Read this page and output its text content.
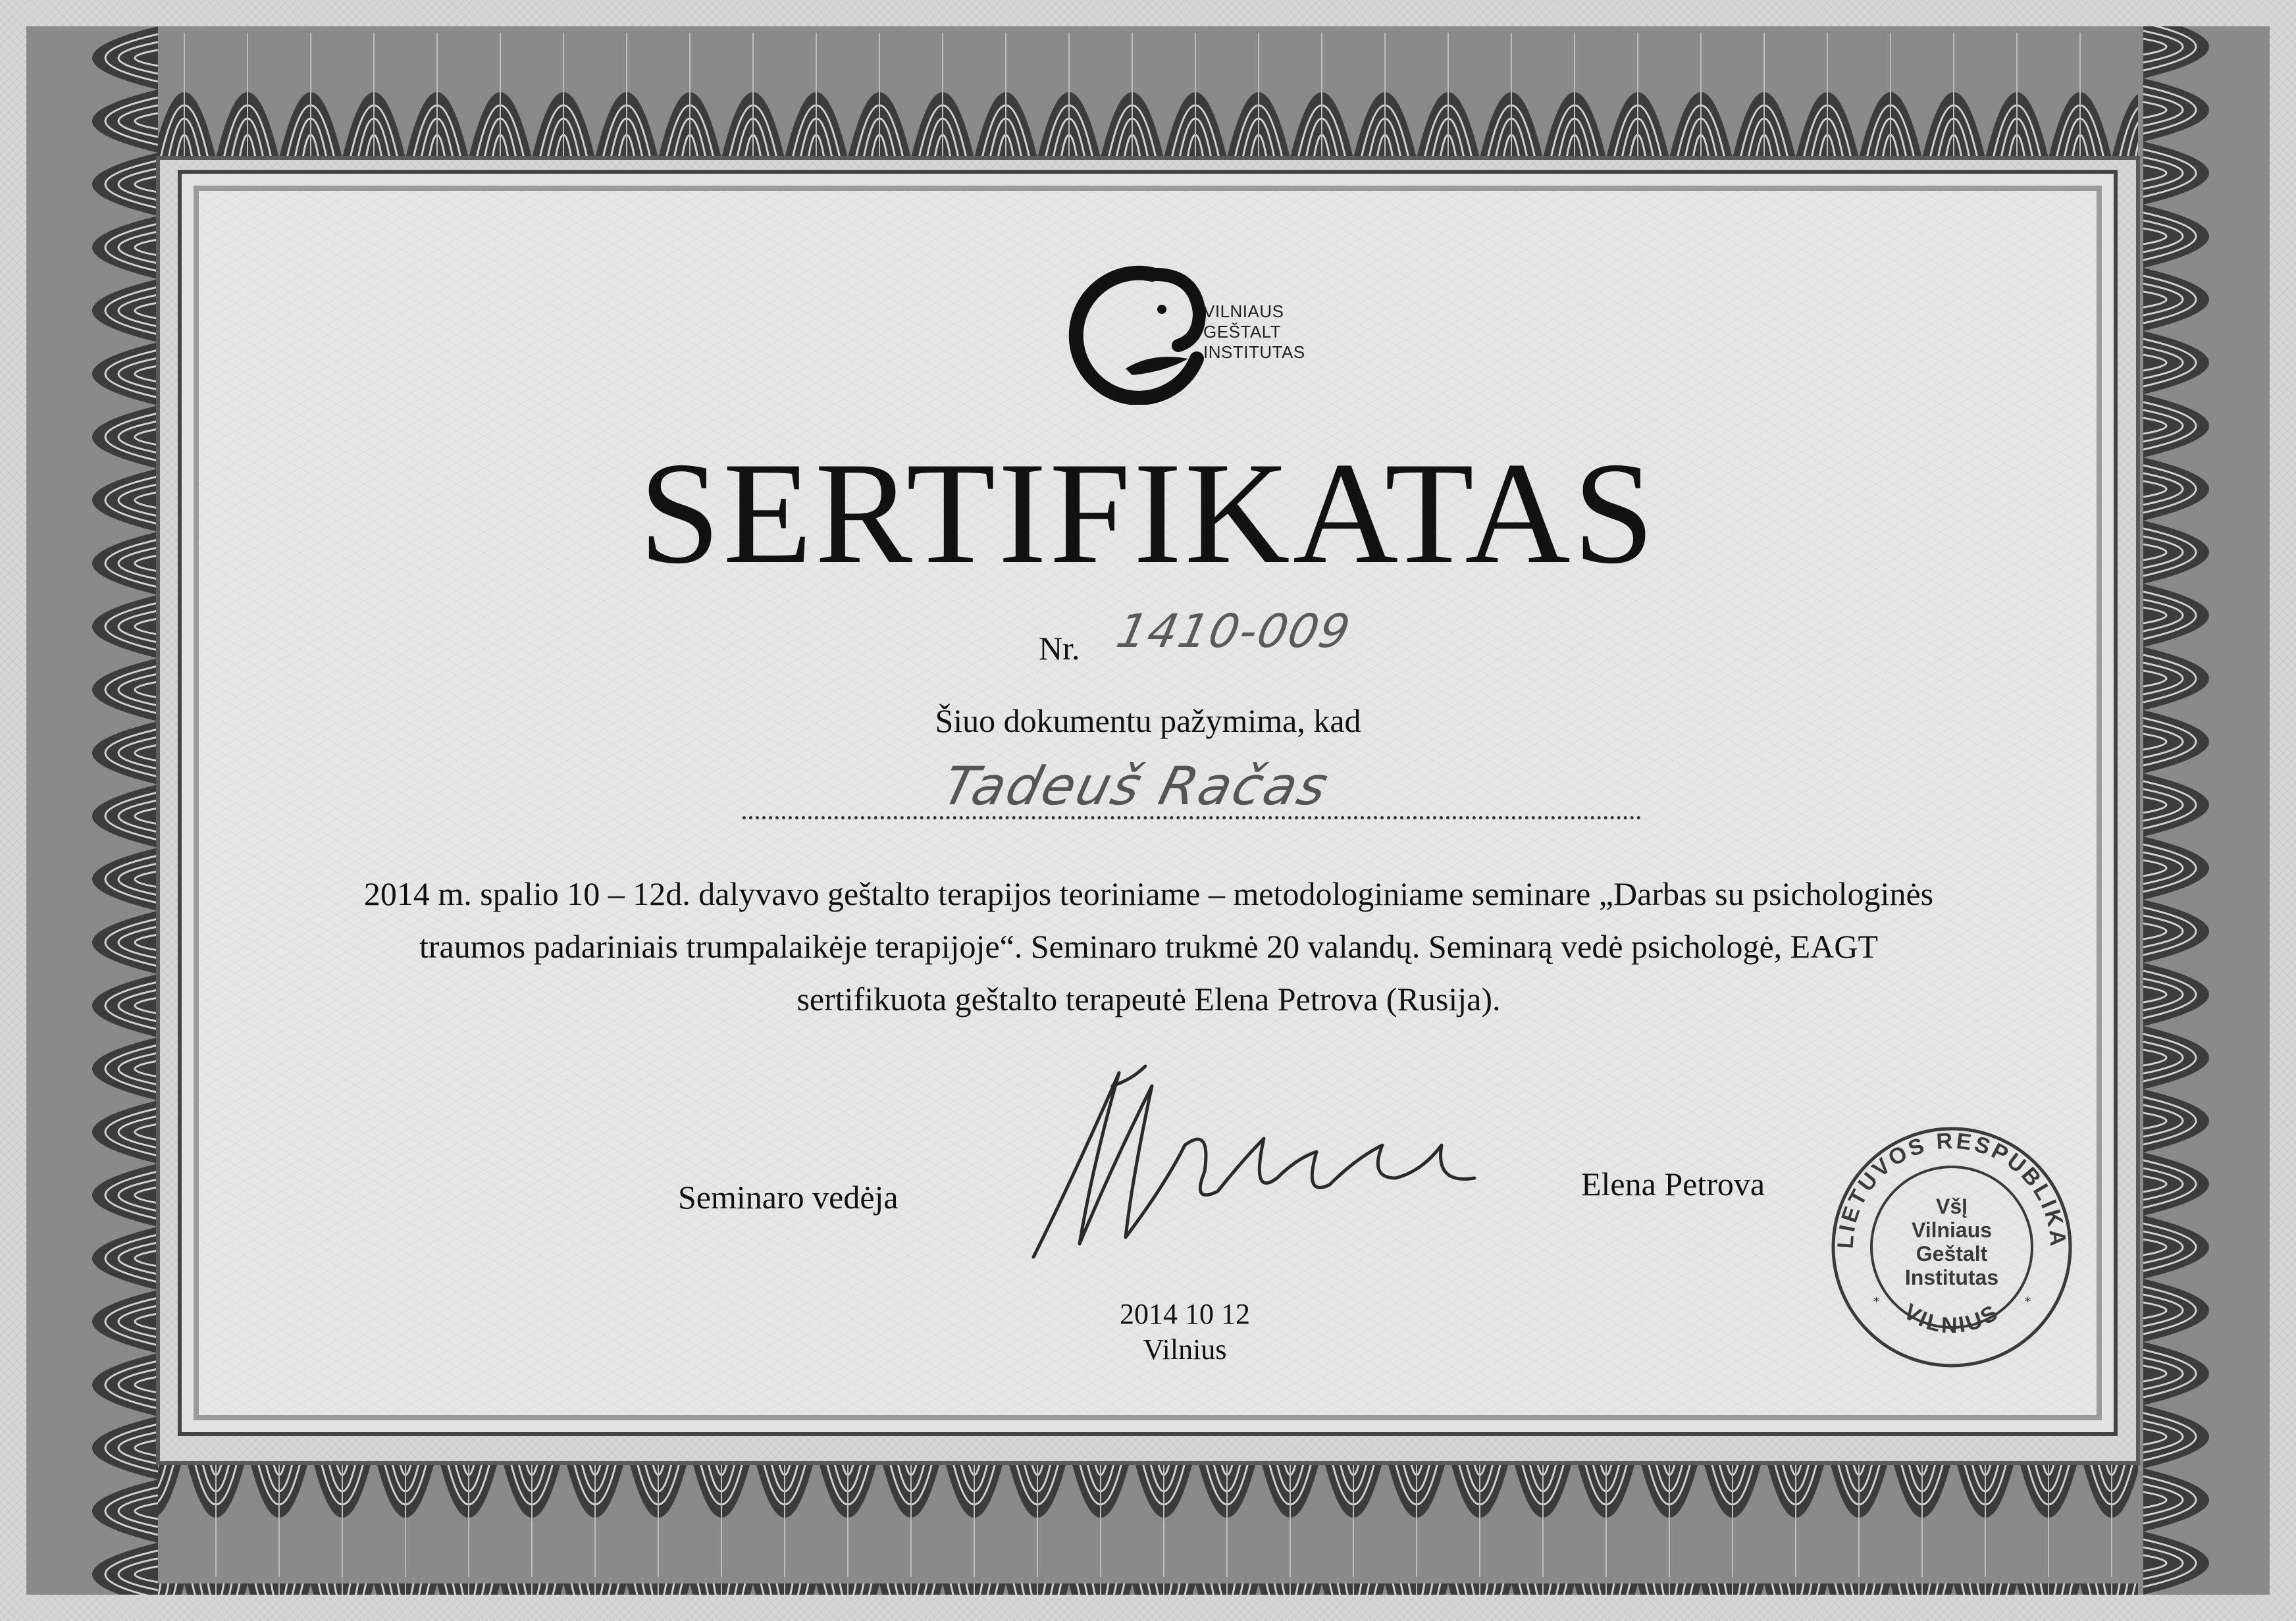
VILNIAUS
GEŠTALT
INSTITUTAS
SERTIFIKATAS
Nr. 1410-009
Šiuo dokumentu pažymima, kad
Tadeuš Račas
2014 m. spalio 10 – 12d. dalyvavo geštalto terapijos teoriniame – metodologiniame seminare „Darbas su psichologinės
traumos padariniais trumpalaikėje terapijoje“. Seminaro trukmė 20 valandų. Seminarą vedė psichologė, EAGT
sertifikuota geštalto terapeutė Elena Petrova (Rusija).
Seminaro vedėja	Elena Petrova
2014 10 12
Vilnius
LIETUVOS RESPUBLIKA
VILNIUS
*	*
VšĮ
Vilniaus
Geštalt
Institutas
